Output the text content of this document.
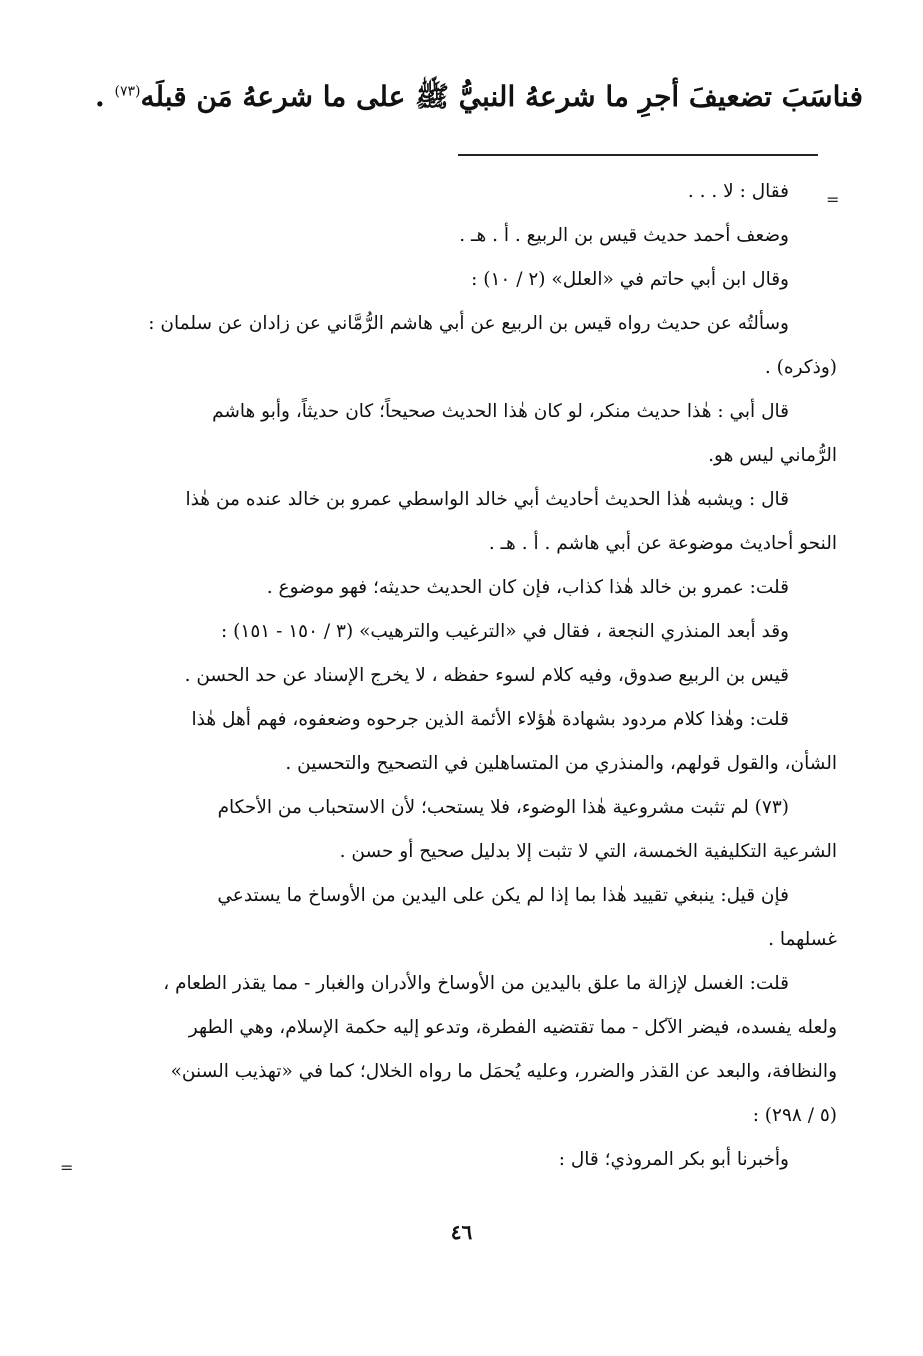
فناسَبَ تضعيفَ أجرِ ما شرعهُ النبيُّ ﷺ على ما شرعهُ مَن قبلَه$^{(٧٣)}$ .
=

فقال : لا . . .

وضعف أحمد حديث قيس بن الربيع . أ . هـ .

وقال ابن أبي حاتم في «العلل» (٢ / ١٠) :

وسألتُه عن حديث رواه قيس بن الربيع عن أبي هاشم الرُّمَّاني عن زادان عن سلمان :

(وذكره) .

قال أبي : هٰذا حديث منكر، لو كان هٰذا الحديث صحيحاً؛ كان حديثاً، وأبو هاشم

الرُّماني ليس هو.

قال : ويشبه هٰذا الحديث أحاديث أبي خالد الواسطي عمرو بن خالد عنده من هٰذا

النحو أحاديث موضوعة عن أبي هاشم . أ . هـ .

قلت: عمرو بن خالد هٰذا كذاب، فإن كان الحديث حديثه؛ فهو موضوع .

وقد أبعد المنذري النجعة ، فقال في «الترغيب والترهيب» (٣ / ١٥٠ - ١٥١) :

قيس بن الربيع صدوق، وفيه كلام لسوء حفظه ، لا يخرج الإسناد عن حد الحسن .

قلت: وهٰذا كلام مردود بشهادة هٰؤلاء الأئمة الذين جرحوه وضعفوه، فهم أهل هٰذا

الشأن، والقول قولهم، والمنذري من المتساهلين في التصحيح والتحسين .

(٧٣) لم تثبت مشروعية هٰذا الوضوء، فلا يستحب؛ لأن الاستحباب من الأحكام

الشرعية التكليفية الخمسة، التي لا تثبت إلا بدليل صحيح أو حسن .

فإن قيل: ينبغي تقييد هٰذا بما إذا لم يكن على اليدين من الأوساخ ما يستدعي

غسلهما .

قلت: الغسل لإزالة ما علق باليدين من الأوساخ والأدران والغبار - مما يقذر الطعام ،

ولعله يفسده، فيضر الآكل - مما تقتضيه الفطرة، وتدعو إليه حكمة الإسلام، وهي الطهر

والنظافة، والبعد عن القذر والضرر، وعليه يُحمَل ما رواه الخلال؛ كما في «تهذيب السنن»

(٥ / ٢٩٨) :

وأخبرنا أبو بكر المروذي؛ قال :

=
٤٦
